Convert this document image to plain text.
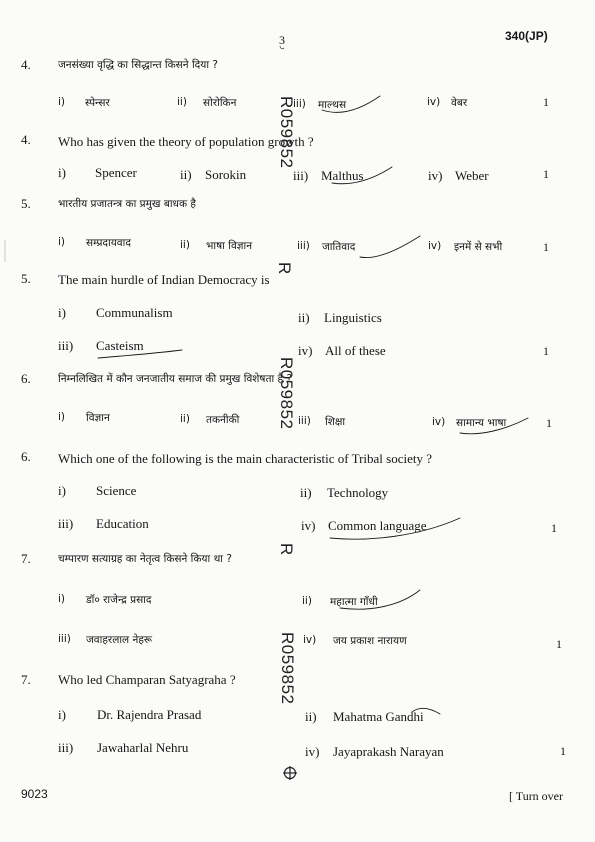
3	340(JP)
4.	जनसंख्या वृद्धि का सिद्धान्त किसने दिया ?
i) स्पेन्सर	ii) सोरोकिन	iii) माल्थस	iv) वेबर	1
4. Who has given the theory of population growth ?
i) Spencer	ii) Sorokin	iii) Malthus	iv) Weber	1
5.	भारतीय प्रजातन्त्र का प्रमुख बाधक है
i) सम्प्रदायवाद	ii) भाषा विज्ञान	iii) जातिवाद	iv) इनमें से सभी	1
5. The main hurdle of Indian Democracy is
i) Communalism	ii) Linguistics
iii) Casteism	iv) All of these	1
6.	निम्नलिखित में कौन जनजातीय समाज की प्रमुख विशेषता है ?
i) विज्ञान	ii) तकनीकी	iii) शिक्षा	iv) सामान्य भाषा	1
6. Which one of the following is the main characteristic of Tribal society ?
i) Science	ii) Technology
iii) Education	iv) Common language	1
7.	चम्पारण सत्याग्रह का नेतृत्व किसने किया था ?
i) डॉ० राजेन्द्र प्रसाद	ii) महात्मा गाँधी
iii) जवाहरलाल नेहरू	iv) जय प्रकाश नारायण	1
7. Who led Champaran Satyagraha ?
i) Dr. Rajendra Prasad	ii) Mahatma Gandhi
iii) Jawaharlal Nehru	iv) Jayaprakash Narayan	1
R059852
R
R059852
R
R059852
9023	[ Turn over
